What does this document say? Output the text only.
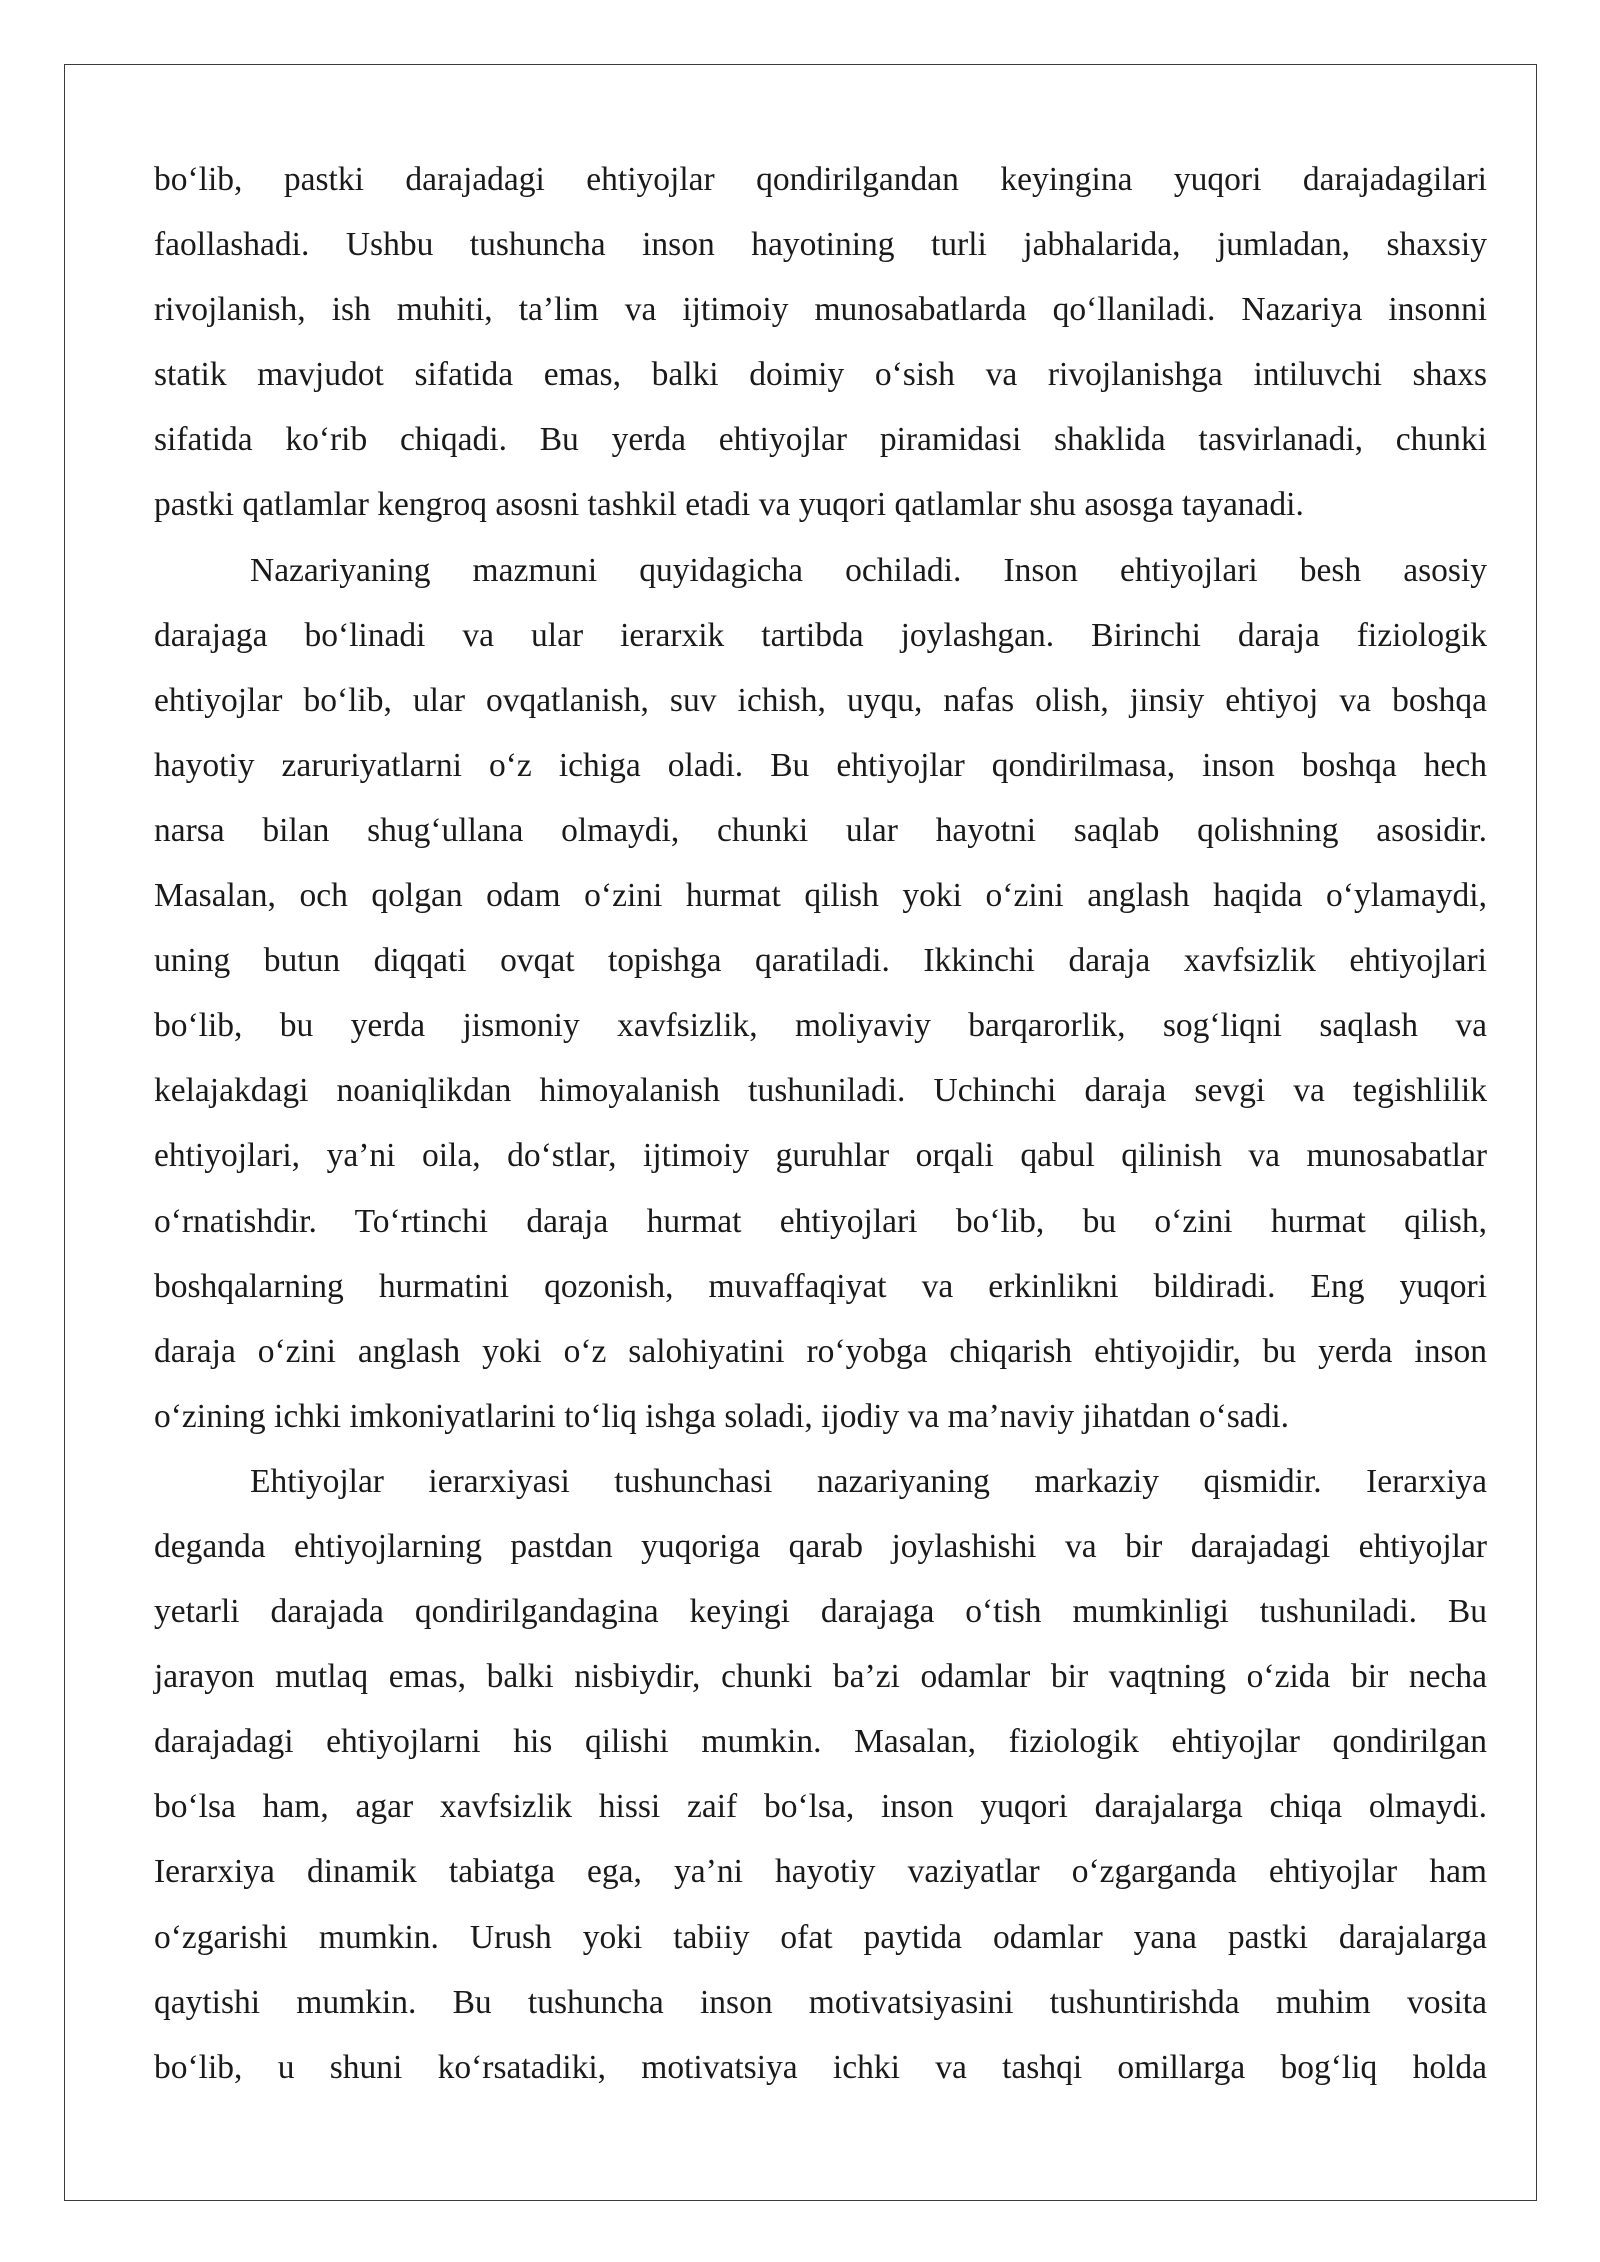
bo‘lib, pastki darajadagi ehtiyojlar qondirilgandan keyingina yuqori darajadagilari

faollashadi. Ushbu tushuncha inson hayotining turli jabhalarida, jumladan, shaxsiy

rivojlanish, ish muhiti, ta’lim va ijtimoiy munosabatlarda qo‘llaniladi. Nazariya insonni

statik mavjudot sifatida emas, balki doimiy o‘sish va rivojlanishga intiluvchi shaxs

sifatida ko‘rib chiqadi. Bu yerda ehtiyojlar piramidasi shaklida tasvirlanadi, chunki

pastki qatlamlar kengroq asosni tashkil etadi va yuqori qatlamlar shu asosga tayanadi.

Nazariyaning mazmuni quyidagicha ochiladi. Inson ehtiyojlari besh asosiy

darajaga bo‘linadi va ular ierarxik tartibda joylashgan. Birinchi daraja fiziologik

ehtiyojlar bo‘lib, ular ovqatlanish, suv ichish, uyqu, nafas olish, jinsiy ehtiyoj va boshqa

hayotiy zaruriyatlarni o‘z ichiga oladi. Bu ehtiyojlar qondirilmasa, inson boshqa hech

narsa bilan shug‘ullana olmaydi, chunki ular hayotni saqlab qolishning asosidir.

Masalan, och qolgan odam o‘zini hurmat qilish yoki o‘zini anglash haqida o‘ylamaydi,

uning butun diqqati ovqat topishga qaratiladi. Ikkinchi daraja xavfsizlik ehtiyojlari

bo‘lib, bu yerda jismoniy xavfsizlik, moliyaviy barqarorlik, sog‘liqni saqlash va

kelajakdagi noaniqlikdan himoyalanish tushuniladi. Uchinchi daraja sevgi va tegishlilik

ehtiyojlari, ya’ni oila, do‘stlar, ijtimoiy guruhlar orqali qabul qilinish va munosabatlar

o‘rnatishdir. To‘rtinchi daraja hurmat ehtiyojlari bo‘lib, bu o‘zini hurmat qilish,

boshqalarning hurmatini qozonish, muvaffaqiyat va erkinlikni bildiradi. Eng yuqori

daraja o‘zini anglash yoki o‘z salohiyatini ro‘yobga chiqarish ehtiyojidir, bu yerda inson

o‘zining ichki imkoniyatlarini to‘liq ishga soladi, ijodiy va ma’naviy jihatdan o‘sadi.

Ehtiyojlar ierarxiyasi tushunchasi nazariyaning markaziy qismidir. Ierarxiya

deganda ehtiyojlarning pastdan yuqoriga qarab joylashishi va bir darajadagi ehtiyojlar

yetarli darajada qondirilgandagina keyingi darajaga o‘tish mumkinligi tushuniladi. Bu

jarayon mutlaq emas, balki nisbiydir, chunki ba’zi odamlar bir vaqtning o‘zida bir necha

darajadagi ehtiyojlarni his qilishi mumkin. Masalan, fiziologik ehtiyojlar qondirilgan

bo‘lsa ham, agar xavfsizlik hissi zaif bo‘lsa, inson yuqori darajalarga chiqa olmaydi.

Ierarxiya dinamik tabiatga ega, ya’ni hayotiy vaziyatlar o‘zgarganda ehtiyojlar ham

o‘zgarishi mumkin. Urush yoki tabiiy ofat paytida odamlar yana pastki darajalarga

qaytishi mumkin. Bu tushuncha inson motivatsiyasini tushuntirishda muhim vosita

bo‘lib, u shuni ko‘rsatadiki, motivatsiya ichki va tashqi omillarga bog‘liq holda
